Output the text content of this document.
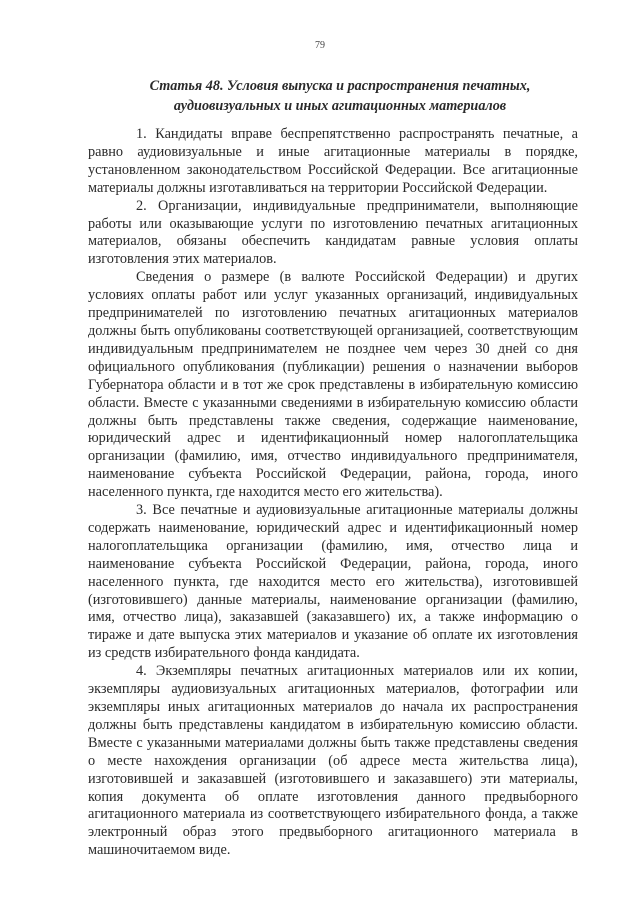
79
Статья 48. Условия выпуска и распространения печатных,
аудиовизуальных и иных агитационных материалов

1. Кандидаты вправе беспрепятственно распространять печатные, а равно аудиовизуальные и иные агитационные материалы в порядке, установленном законодательством Российской Федерации. Все агитационные материалы должны изготавливаться на территории Российской Федерации.

2. Организации, индивидуальные предприниматели, выполняющие работы или оказывающие услуги по изготовлению печатных агитационных материалов, обязаны обеспечить кандидатам равные условия оплаты изготовления этих материалов.

Сведения о размере (в валюте Российской Федерации) и других условиях оплаты работ или услуг указанных организаций, индивидуальных предпринимателей по изготовлению печатных агитационных материалов должны быть опубликованы соответствующей организацией, соответствующим индивидуальным предпринимателем не позднее чем через 30 дней со дня официального опубликования (публикации) решения о назначении выборов Губернатора области и в тот же срок представлены в избирательную комиссию области. Вместе с указанными сведениями в избирательную комиссию области должны быть представлены также сведения, содержащие наименование, юридический адрес и идентификационный номер налогоплательщика организации (фамилию, имя, отчество индивидуального предпринимателя, наименование субъекта Российской Федерации, района, города, иного населенного пункта, где находится место его жительства).

3. Все печатные и аудиовизуальные агитационные материалы должны содержать наименование, юридический адрес и идентификационный номер налогоплательщика организации (фамилию, имя, отчество лица и наименование субъекта Российской Федерации, района, города, иного населенного пункта, где находится место его жительства), изготовившей (изготовившего) данные материалы, наименование организации (фамилию, имя, отчество лица), заказавшей (заказавшего) их, а также информацию о тираже и дате выпуска этих материалов и указание об оплате их изготовления из средств избирательного фонда кандидата.

4. Экземпляры печатных агитационных материалов или их копии, экземпляры аудиовизуальных агитационных материалов, фотографии или экземпляры иных агитационных материалов до начала их распространения должны быть представлены кандидатом в избирательную комиссию области. Вместе с указанными материалами должны быть также представлены сведения о месте нахождения организации (об адресе места жительства лица), изготовившей и заказавшей (изготовившего и заказавшего) эти материалы, копия документа об оплате изготовления данного предвыборного агитационного материала из соответствующего избирательного фонда, а также электронный образ этого предвыборного агитационного материала в машиночитаемом виде.
